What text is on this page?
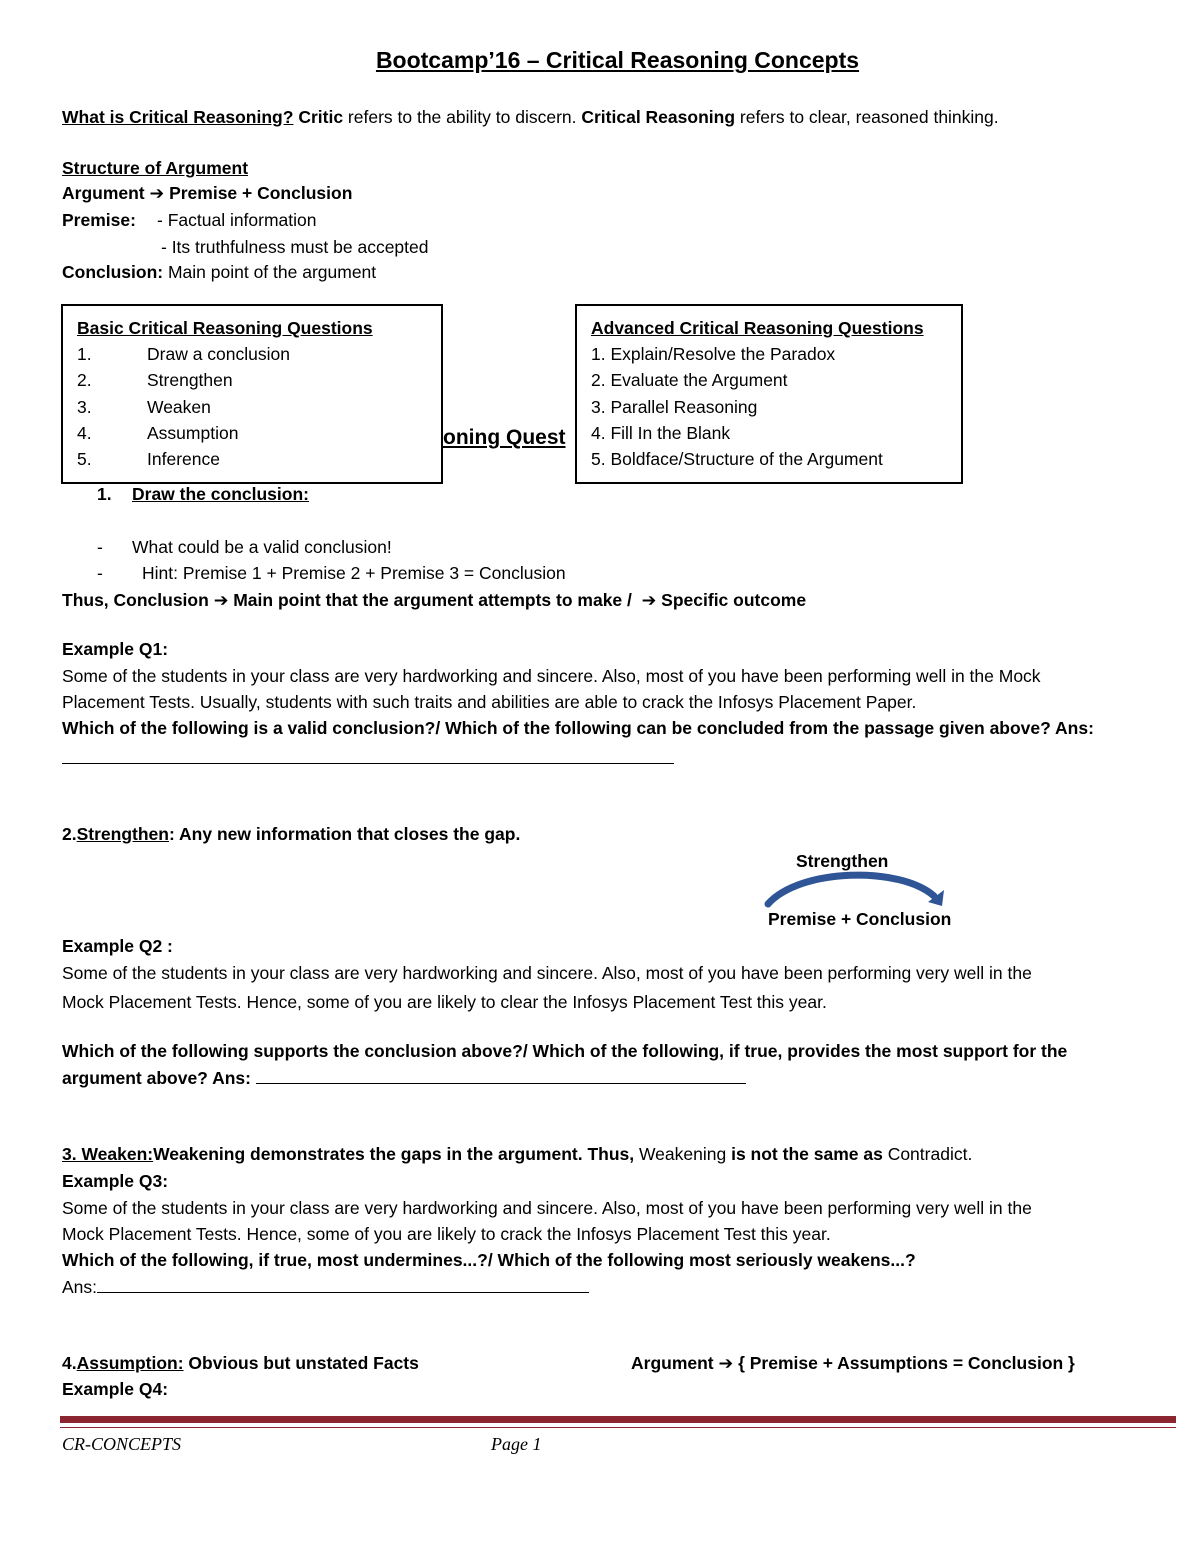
Bootcamp’16 – Critical Reasoning Concepts
What is Critical Reasoning? Critic refers to the ability to discern. Critical Reasoning refers to clear, reasoned thinking.
Structure of Argument
Argument ➔ Premise + Conclusion
Premise: - Factual information
- Its truthfulness must be accepted
Conclusion: Main point of the argument
oning Quest
Basic Critical Reasoning Questions
1.	Draw a conclusion
2.	Strengthen
3.	Weaken
4.	Assumption
5.	Inference
Advanced Critical Reasoning Questions
1. Explain/Resolve the Paradox
2. Evaluate the Argument
3. Parallel Reasoning
4. Fill In the Blank
5. Boldface/Structure of the Argument
1. Draw the conclusion:
- What could be a valid conclusion!
- Hint: Premise 1 + Premise 2 + Premise 3 = Conclusion
Thus, Conclusion ➔ Main point that the argument attempts to make / ➔ Specific outcome
Example Q1:
Some of the students in your class are very hardworking and sincere. Also, most of you have been performing well in the Mock
Placement Tests. Usually, students with such traits and abilities are able to crack the Infosys Placement Paper.
Which of the following is a valid conclusion?/ Which of the following can be concluded from the passage given above? Ans:
2.Strengthen: Any new information that closes the gap.
Strengthen
Premise + Conclusion
Example Q2 :
Some of the students in your class are very hardworking and sincere. Also, most of you have been performing very well in the
Mock Placement Tests. Hence, some of you are likely to clear the Infosys Placement Test this year.
Which of the following supports the conclusion above?/ Which of the following, if true, provides the most support for the
argument above? Ans:
3. Weaken:Weakening demonstrates the gaps in the argument. Thus, Weakening is not the same as Contradict.
Example Q3:
Some of the students in your class are very hardworking and sincere. Also, most of you have been performing very well in the
Mock Placement Tests. Hence, some of you are likely to crack the Infosys Placement Test this year.
Which of the following, if true, most undermines...?/ Which of the following most seriously weakens...?
Ans:
4.Assumption: Obvious but unstated Facts	Argument ➔ { Premise + Assumptions = Conclusion }
Example Q4:
CR-CONCEPTS	Page 1
